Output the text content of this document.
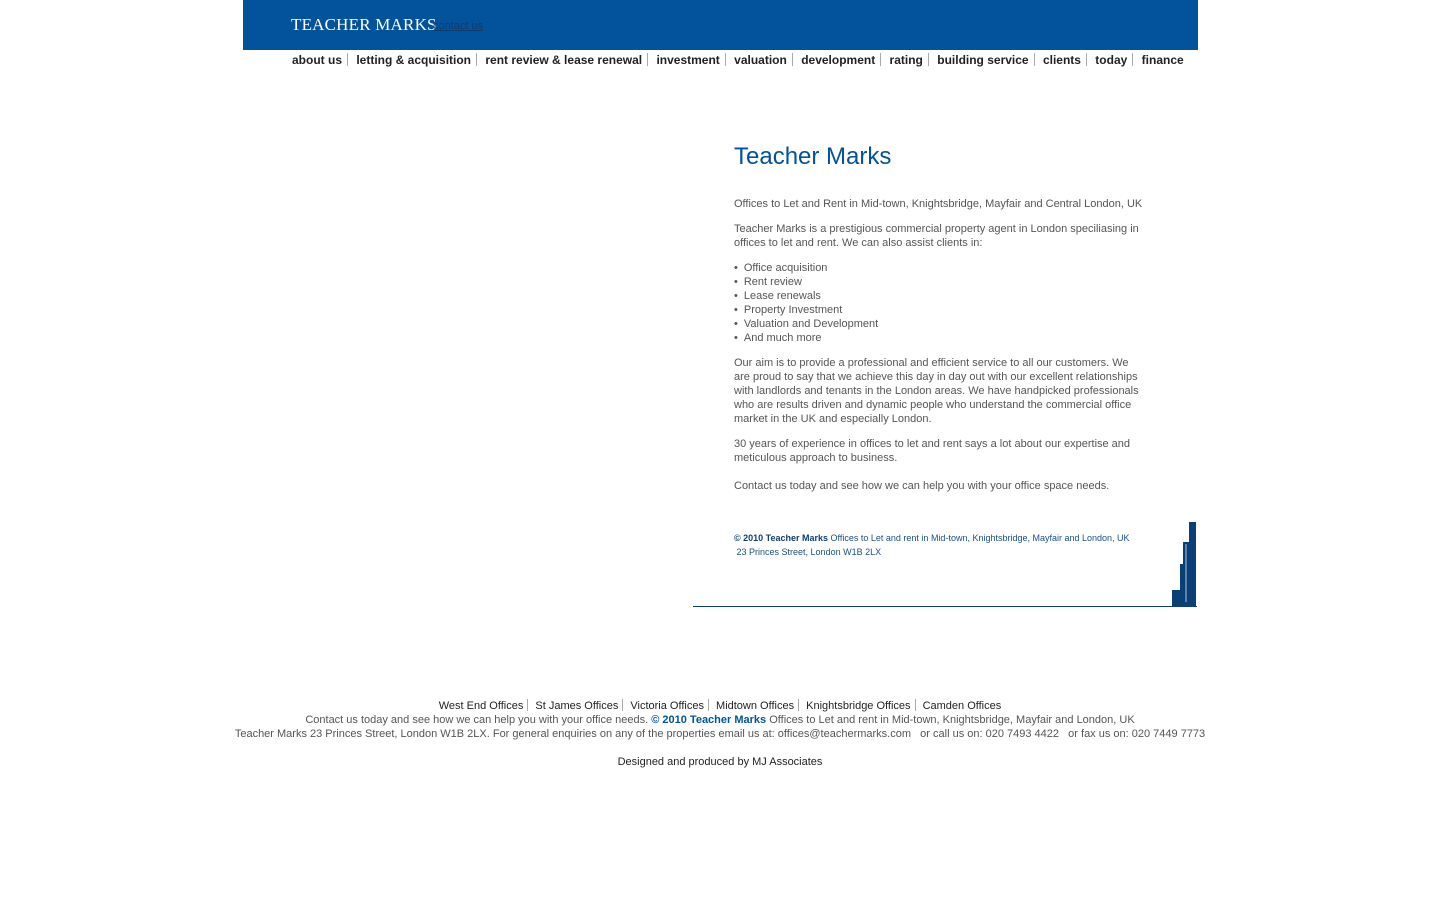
TEACHER MARKS
contact us
about us letting & acquisition rent review & lease renewal investment valuation development rating building service clients today finance
Teacher Marks

Offices to Let and Rent in Mid-town, Knightsbridge, Mayfair and Central London, UK

Teacher Marks is a prestigious commercial property agent in London speciliasing in offices to let and rent. We can also assist clients in:

• Office acquisition
• Rent review
• Lease renewals
• Property Investment
• Valuation and Development
• And much more

Our aim is to provide a professional and efficient service to all our customers. We are proud to say that we achieve this day in day out with our excellent relationships with landlords and tenants in the London areas. We have handpicked professionals who are results driven and dynamic people who understand the commercial office market in the UK and especially London.

30 years of experience in offices to let and rent says a lot about our expertise and meticulous approach to business.

Contact us today and see how we can help you with your office space needs.

© 2010 Teacher Marks Offices to Let and rent in Mid-town, Knightsbridge, Mayfair and London, UK
23 Princes Street, London W1B 2LX
West End Offices St James Offices Victoria Offices Midtown Offices Knightsbridge Offices Camden Offices
Contact us today and see how we can help you with your office needs. © 2010 Teacher Marks Offices to Let and rent in Mid-town, Knightsbridge, Mayfair and London, UK
Teacher Marks 23 Princes Street, London W1B 2LX. For general enquiries on any of the properties email us at: offices@teachermarks.com   or call us on: 020 7493 4422   or fax us on: 020 7449 7773
Designed and produced by MJ Associates
